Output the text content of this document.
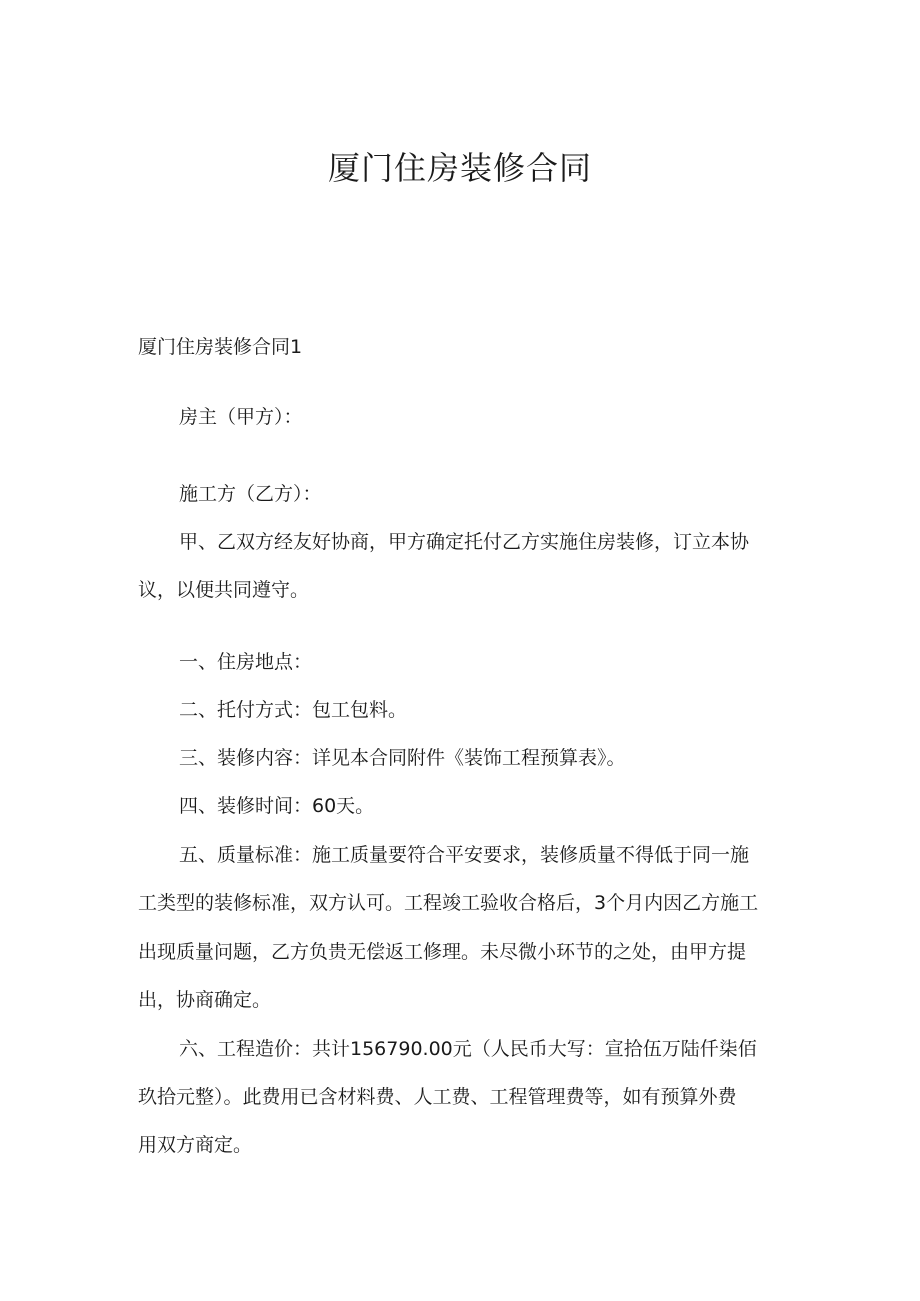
厦门住房装修合同

厦门住房装修合同1

房主（甲方）：

施工方（乙方）：

甲、乙双方经友好协商，甲方确定托付乙方实施住房装修，订立本协

议，以便共同遵守。

一、住房地点：

二、托付方式：包工包料。

三、装修内容：详见本合同附件《装饰工程预算表》。

四、装修时间：60天。

五、质量标准：施工质量要符合平安要求，装修质量不得低于同一施

工类型的装修标准，双方认可。工程竣工验收合格后，3个月内因乙方施工

出现质量问题，乙方负贵无偿返工修理。未尽微小环节的之处，由甲方提

出，协商确定。

六、工程造价：共计156790.00元（人民币大写：宣拾伍万陆仟柒佰

玖拾元整）。此费用已含材料费、人工费、工程管理费等，如有预算外费

用双方商定。
